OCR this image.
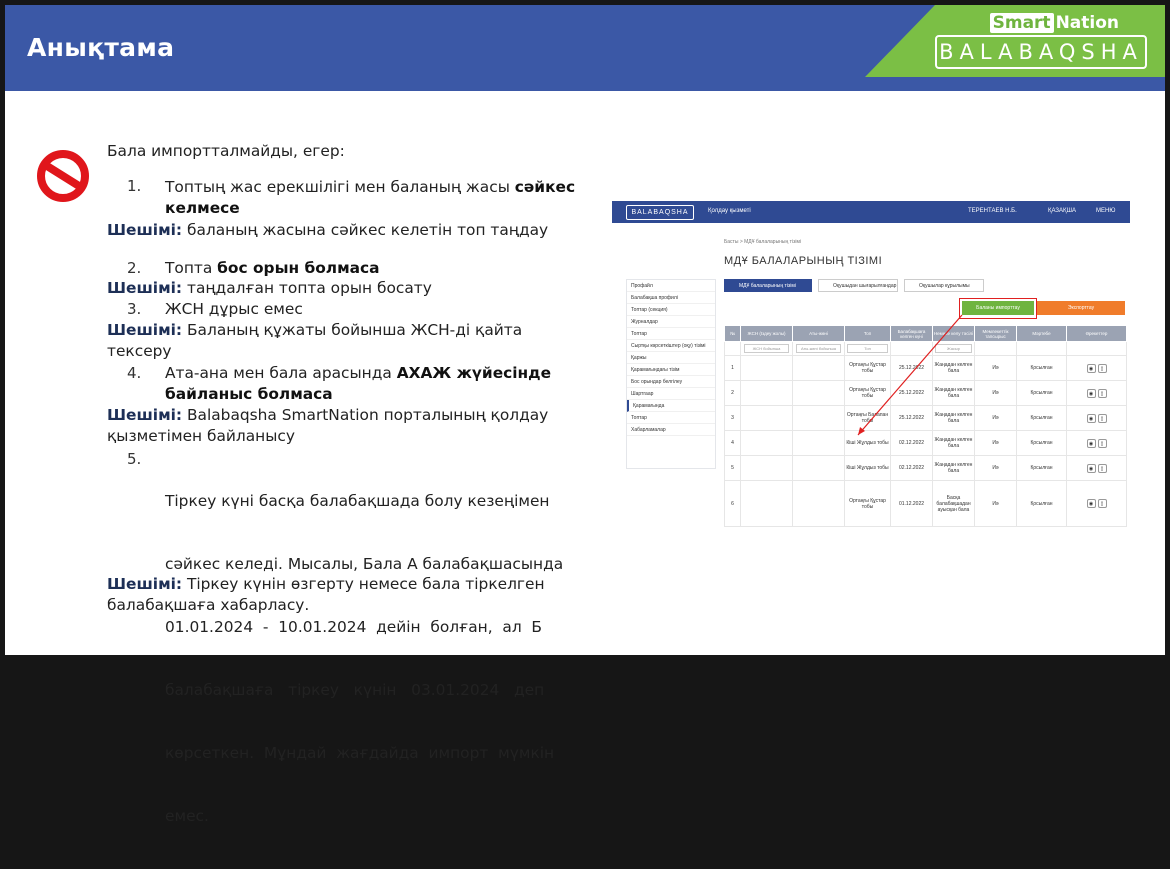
Анықтама
Smart Nation
BALABAQSHA
Бала импортталмайды, егер:
1. Топтың жас ерекшілігі мен баланың жасы сәйкес
келмесе
Шешімі: баланың жасына сәйкес келетін топ таңдау
2. Топта бос орын болмаса
Шешімі: таңдалған топта орын босату
3. ЖСН дұрыс емес
Шешімі: Баланың құжаты бойынша ЖСН-ді қайта
тексеру
4. Ата-ана мен бала арасында АХАЖ жүйесінде
байланыс болмаса
Шешімі: Balabaqsha SmartNation порталының қолдау
қызметімен байланысу
5.

Тіркеу күні басқа балабақшада болу кезеңімен

сәйкес келеді. Мысалы, Бала А балабақшасында

01.01.2024  -  10.01.2024  дейін  болған,  ал  Б

балабақшаға   тіркеу   күнін   03.01.2024   деп

көрсеткен.  Мұндай  жағдайда  импорт  мүмкін

емес.

Шешімі: Тіркеу күнін өзгерту немесе бала тіркелген
балабақшаға хабарласу.
BALABAQSHA	Қолдау қызметі	ТЕРЕНТАЕВ Н.Б.	ҚАЗАҚША	МЕНЮ
Басты > МДҰ балаларының тізімі
МДҰ БАЛАЛАРЫНЫҢ ТІЗІМІ
МДҰ балаларының тізімі	Оқушыдан шығарылғандар	Оқушылар кұрылымы
Профайл
Балабақша профилі
Топтар (секция)
Журналдар
Топтар
Сыртқы көрсеткіштер (оқу) тізімі
Қаржы
Қарамағындағы тізім
Бос орындар белгілеу
Шартгаар
Қарамағында
Топтар
Хабарламалар
Баланы импорттау	Экспорттау
№	ЖСН (Іздеу жолы)	Аты-жөні	Топ	Балабақшаға келген күні	Немесе келу тәсілі	Мемлекеттік тапсырыс	Мәртебе	Әрекеттер
	ЖСН бойынша	Аты-жөні бойынша	Топ		Жасыр			
1			Ортаңғы Құстар тобы	25.12.2022	Жаңадан келген бала	Иә	Қосылған	◉ ▯
2			Ортаңғы Құстар тобы	25.12.2022	Жаңадан келген бала	Иә	Қосылған	◉ ▯
3			Ортаңғы Балапан тобы	25.12.2022	Жаңадан келген бала	Иә	Қосылған	◉ ▯
4			Кіші Жұлдыз тобы	02.12.2022	Жаңадан келген бала	Иә	Қосылған	◉ ▯
5			Кіші Жұлдыз тобы	02.12.2022	Жаңадан келген бала	Иә	Қосылған	◉ ▯
6			Ортаңғы Құстар тобы	01.12.2022	Басқа балабақшадан ауысқан бала	Иә	Қосылған	◉ ▯
